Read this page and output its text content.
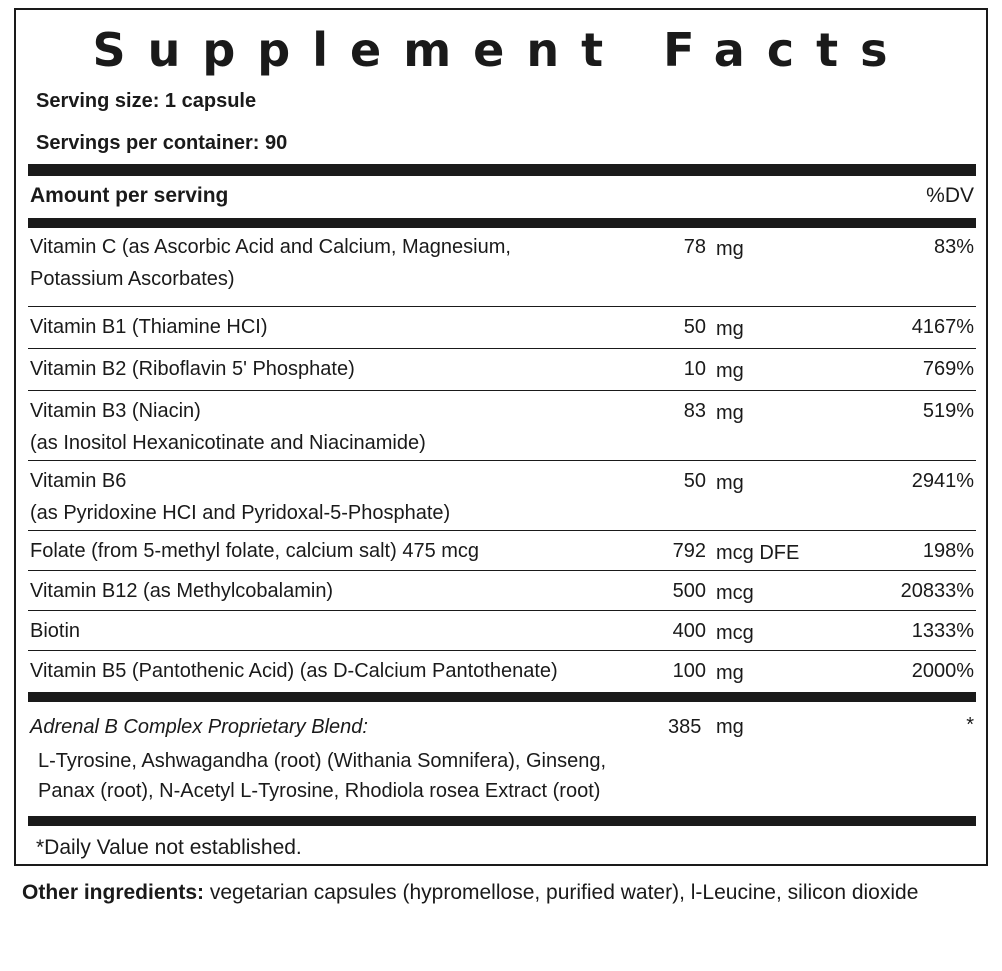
Supplement Facts
Serving size: 1 capsule
Servings per container: 90
Amount per serving	%DV
Vitamin C (as Ascorbic Acid and Calcium, Magnesium,
Potassium Ascorbates)
78 mg	83%
Vitamin B1 (Thiamine HCI)	50 mg	4167%
Vitamin B2 (Riboflavin 5' Phosphate)	10 mg	769%
Vitamin B3 (Niacin)
(as Inositol Hexanicotinate and Niacinamide)
83 mg	519%
Vitamin B6
(as Pyridoxine HCI and Pyridoxal-5-Phosphate)
50 mg	2941%
Folate (from 5-methyl folate, calcium salt) 475 mcg	792 mcg DFE	198%
Vitamin B12 (as Methylcobalamin)	500 mcg	20833%
Biotin	400 mcg	1333%
Vitamin B5 (Pantothenic Acid) (as D-Calcium Pantothenate)	100 mg	2000%
Adrenal B Complex Proprietary Blend:
L-Tyrosine, Ashwagandha (root) (Withania Somnifera), Ginseng,
Panax (root), N-Acetyl L-Tyrosine, Rhodiola rosea Extract (root)
385 mg	*
*Daily Value not established.
Other ingredients: vegetarian capsules (hypromellose, purified water), l-Leucine, silicon dioxide
